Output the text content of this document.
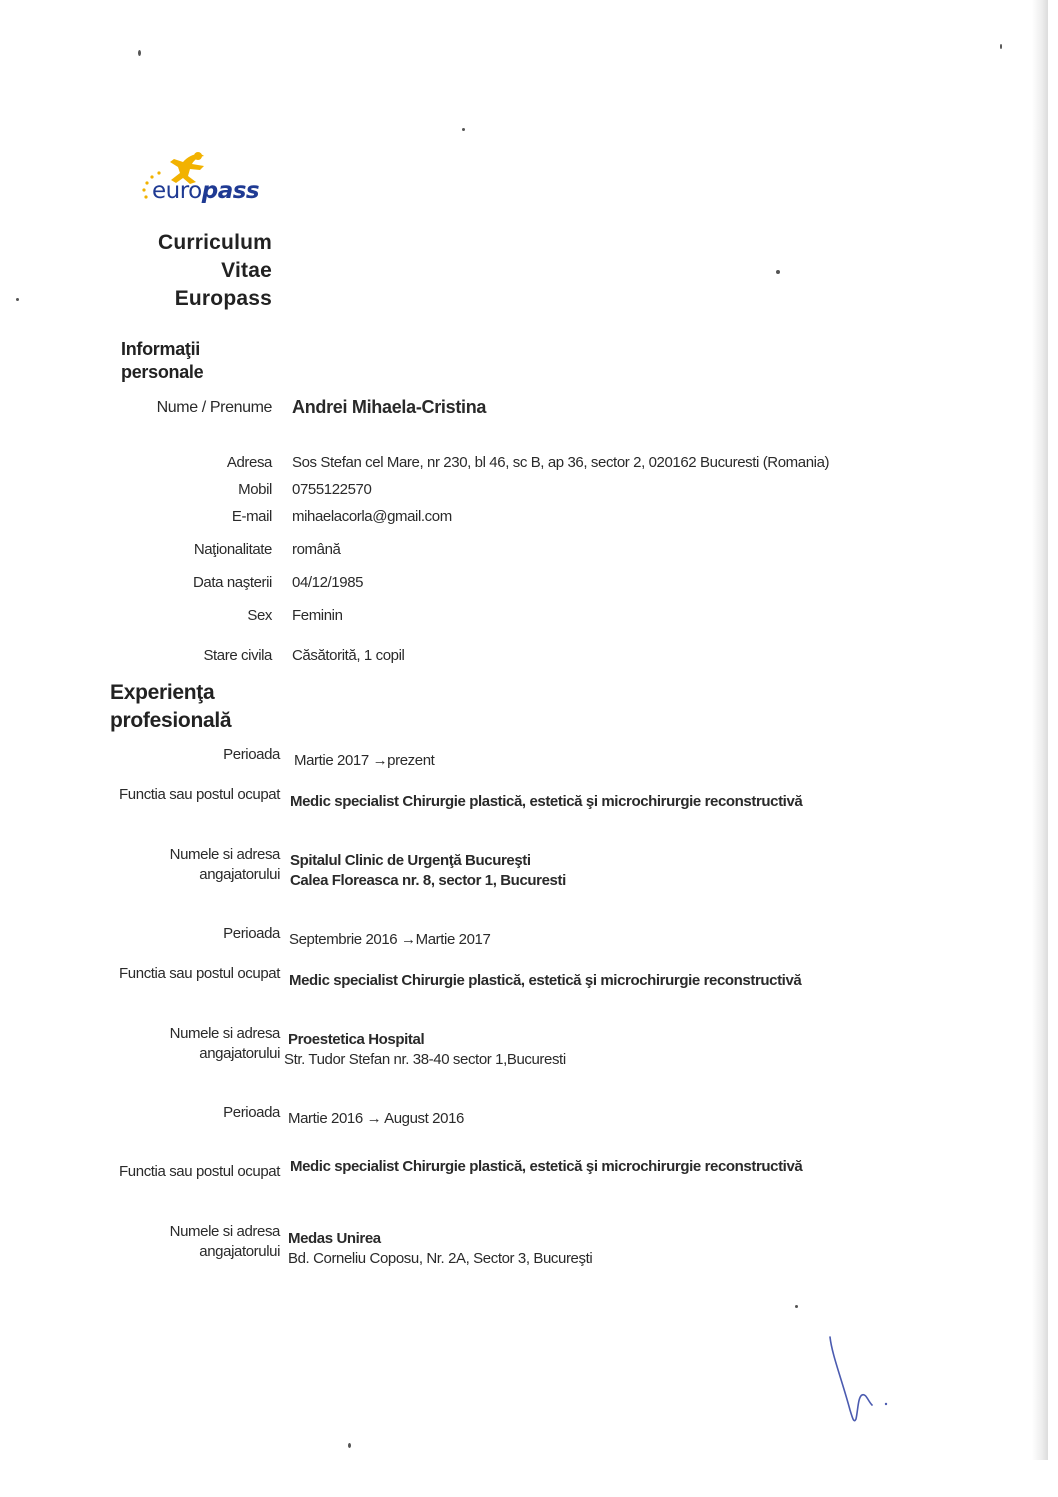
europass
Curriculum
Vitae
Europass
Informaţii
personale
Nume / Prenume Andrei Mihaela-Cristina
Adresa Sos Stefan cel Mare, nr 230, bl 46, sc B, ap 36, sector 2, 020162 Bucuresti (Romania)
Mobil 0755122570
E-mail mihaelacorla@gmail.com
Naţionalitate română
Data naşterii 04/12/1985
Sex Feminin
Stare civila Căsătorită, 1 copil
Experienţa
profesională
Perioada Martie 2017 →prezent
Functia sau postul ocupat Medic specialist Chirurgie plastică, estetică şi microchirurgie reconstructivă
Numele si adresa
angajatorului
Spitalul Clinic de Urgenţă Bucureşti
Calea Floreasca nr. 8, sector 1, Bucuresti
Perioada Septembrie 2016 →Martie 2017
Functia sau postul ocupat Medic specialist Chirurgie plastică, estetică şi microchirurgie reconstructivă
Numele si adresa
angajatorului
Proestetica Hospital
Str. Tudor Stefan nr. 38-40 sector 1,Bucuresti
Perioada Martie 2016 → August 2016
Functia sau postul ocupat Medic specialist Chirurgie plastică, estetică şi microchirurgie reconstructivă
Numele si adresa
angajatorului
Medas Unirea
Bd. Corneliu Coposu, Nr. 2A, Sector 3, Bucureşti
